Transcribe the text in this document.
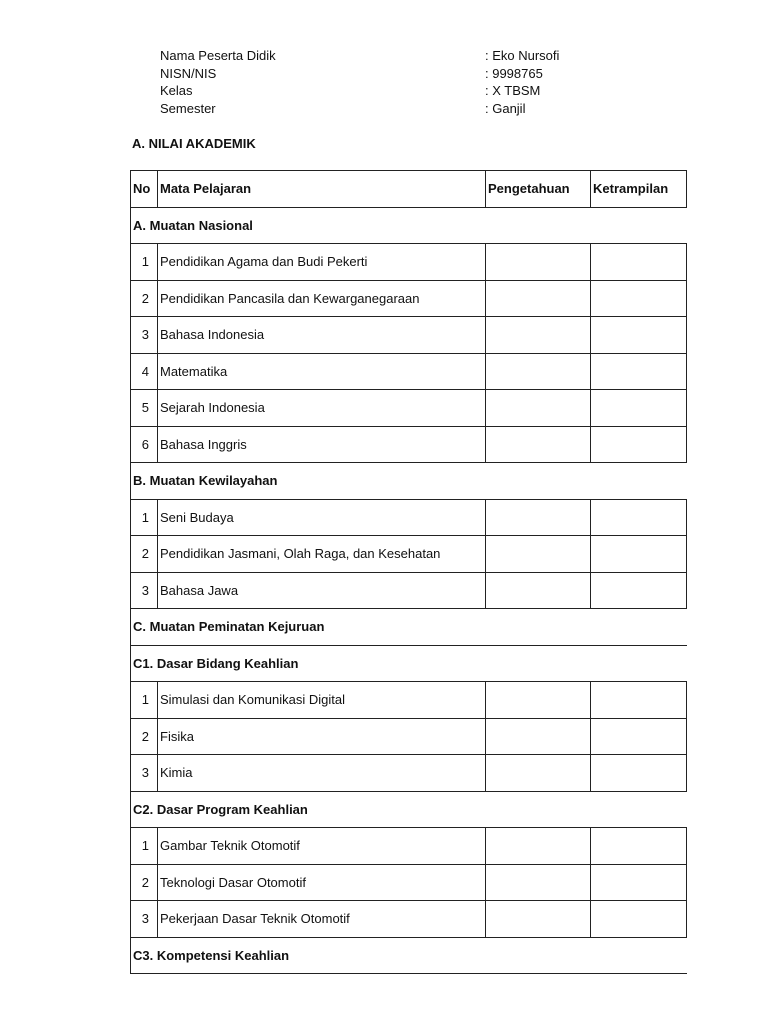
Nama Peserta Didik	: Eko Nursofi
NISN/NIS	: 9998765
Kelas	: X TBSM
Semester	: Ganjil
A. NILAI AKADEMIK
No	Mata Pelajaran	Pengetahuan	Ketrampilan
A. Muatan Nasional			
1	Pendidikan Agama dan Budi Pekerti		
2	Pendidikan Pancasila dan Kewarganegaraan		
3	Bahasa Indonesia		
4	Matematika		
5	Sejarah Indonesia		
6	Bahasa Inggris		
B. Muatan Kewilayahan			
1	Seni Budaya		
2	Pendidikan Jasmani, Olah Raga, dan Kesehatan		
3	Bahasa Jawa		
C. Muatan Peminatan Kejuruan			
C1. Dasar Bidang Keahlian			
1	Simulasi dan Komunikasi Digital		
2	Fisika		
3	Kimia		
C2. Dasar Program Keahlian			
1	Gambar Teknik Otomotif		
2	Teknologi Dasar Otomotif		
3	Pekerjaan Dasar Teknik Otomotif		
C3. Kompetensi Keahlian			
